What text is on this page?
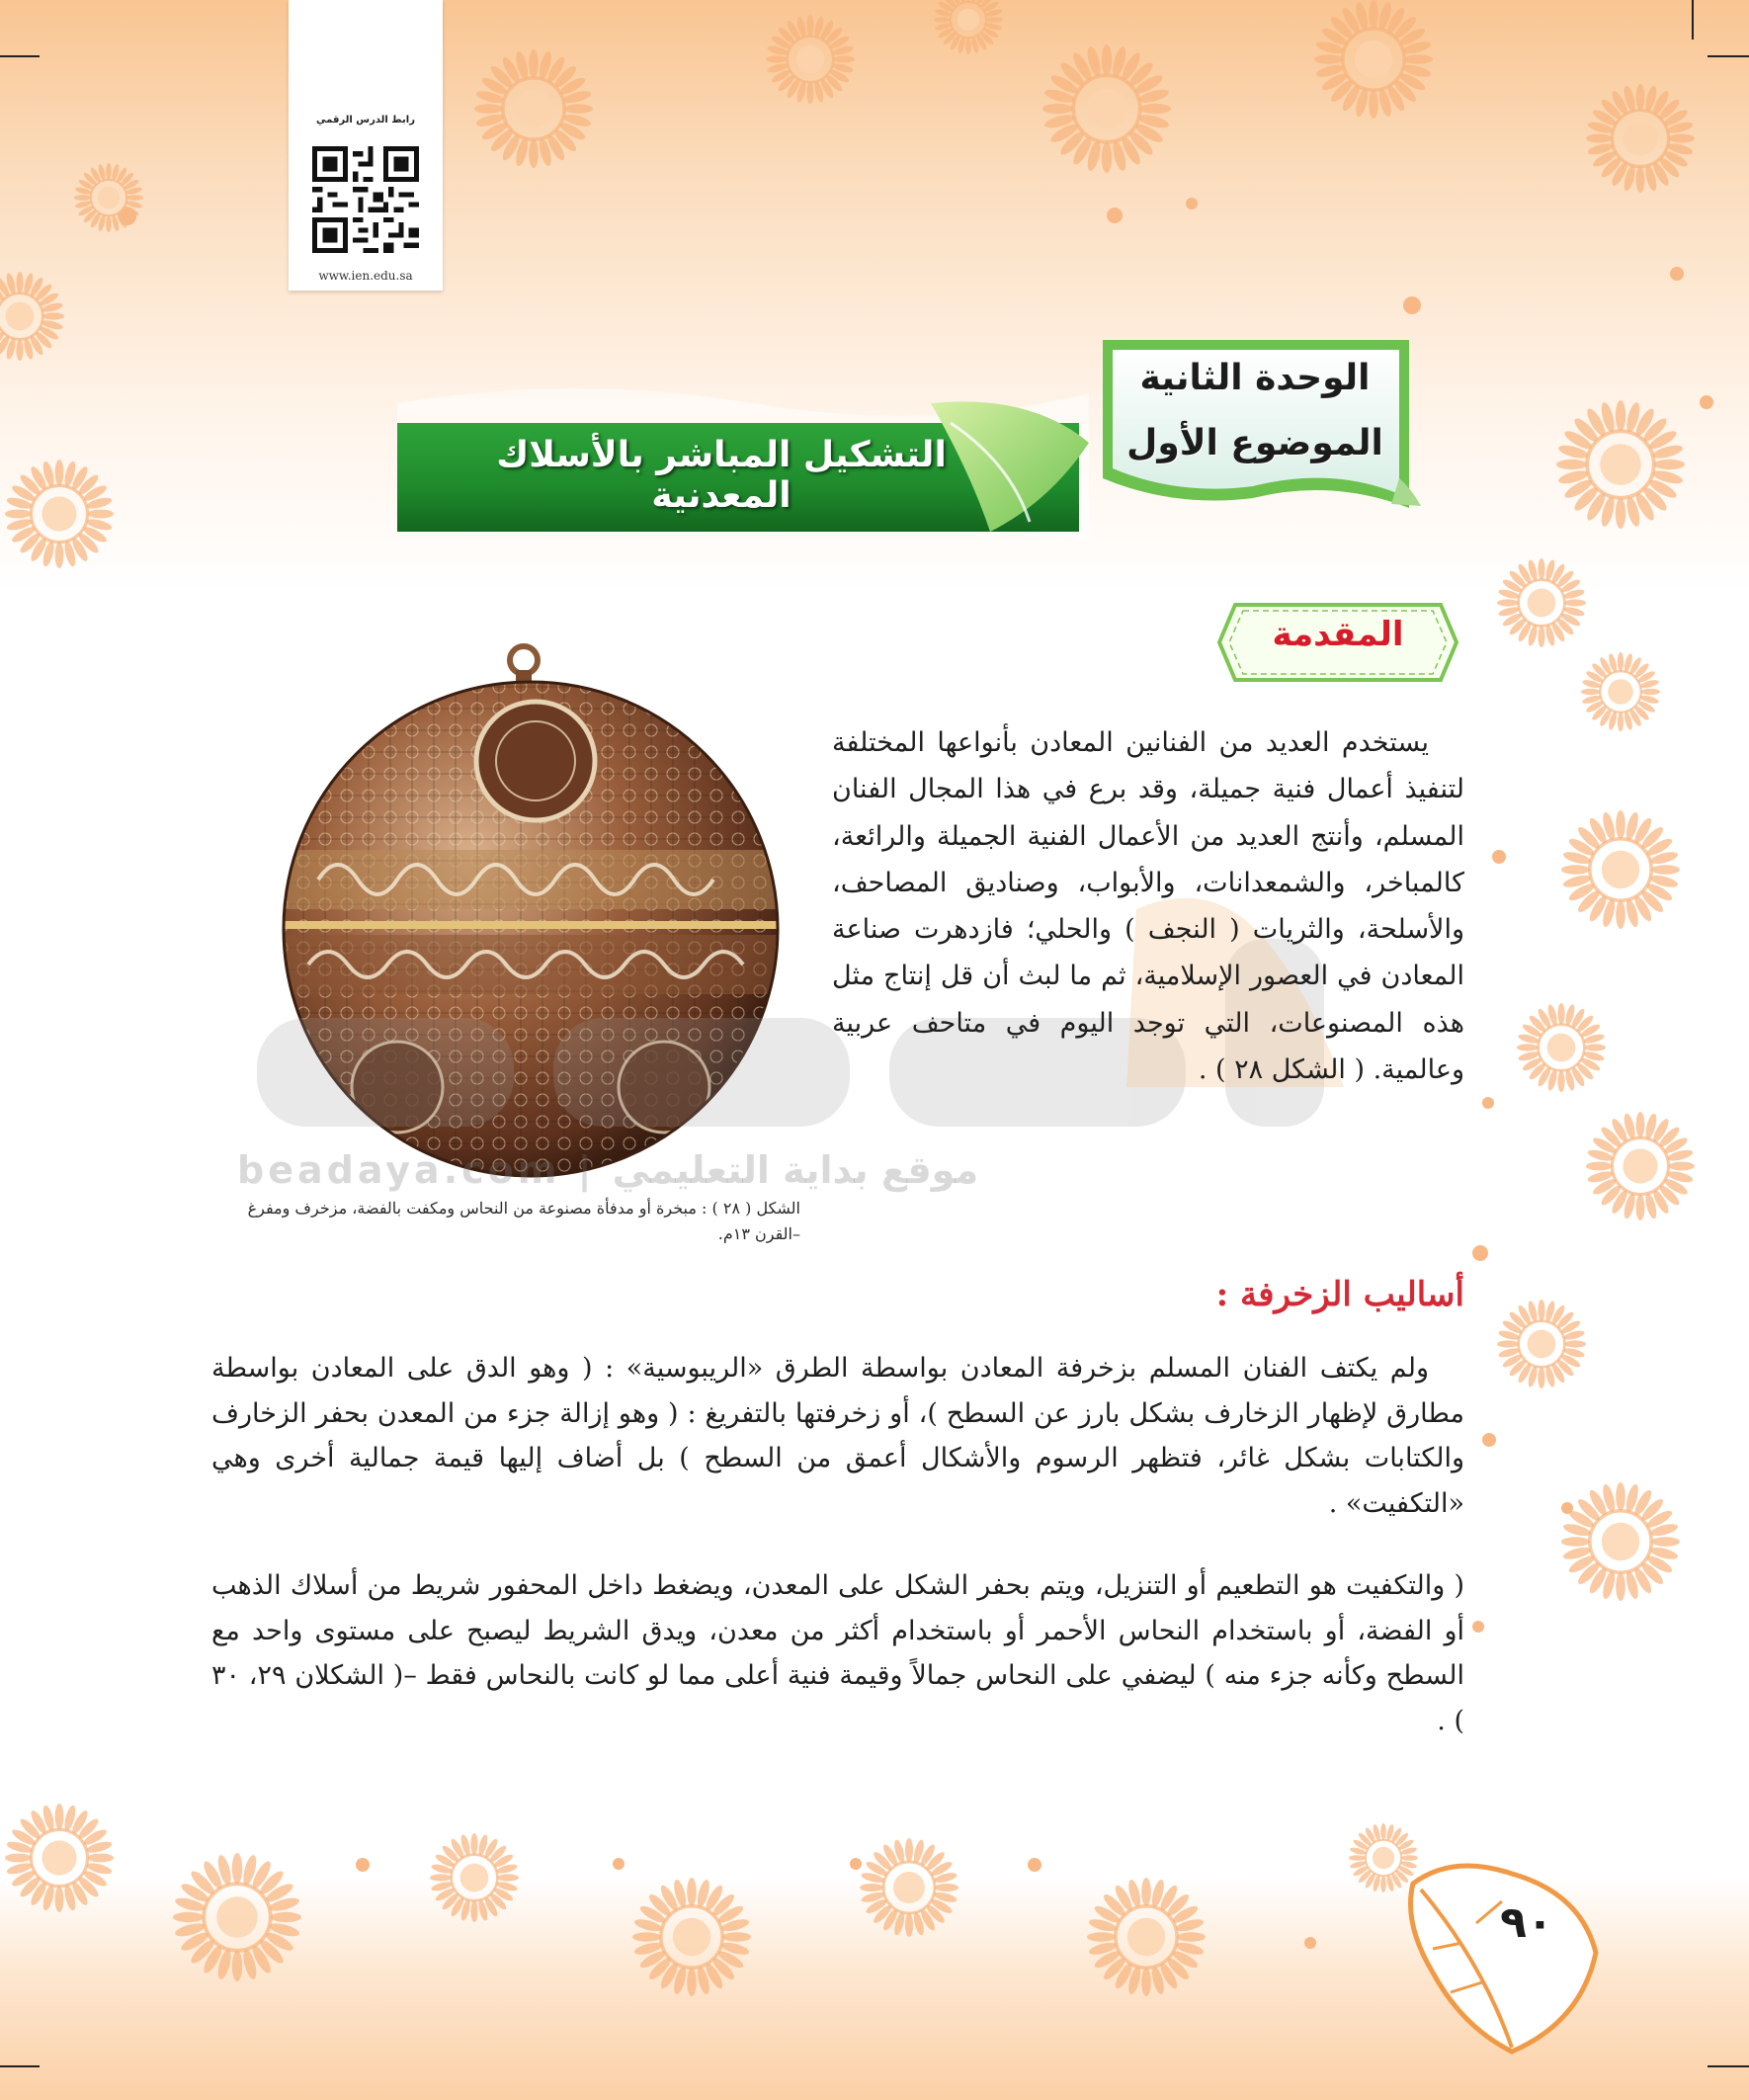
رابط الدرس الرقمي
www.ien.edu.sa
التشكيل المباشر بالأسلاك المعدنية
الوحدة الثانية
الموضوع الأول
المقدمة
beadaya.com | موقع بداية التعليمي
الشكل ( ٢٨ ) : مبخرة أو مدفأة مصنوعة من النحاس ومكفت بالفضة، مزخرف ومفرغ –القرن ١٣م.
يستخدم العديد من الفنانين المعادن بأنواعها المختلفة لتنفيذ أعمال فنية جميلة، وقد برع في هذا المجال الفنان المسلم، وأنتج العديد من الأعمال الفنية الجميلة والرائعة، كالمباخر، والشمعدانات، والأبواب، وصناديق المصاحف، والأسلحة، والثريات ( النجف ) والحلي؛ فازدهرت صناعة المعادن في العصور الإسلامية، ثم ما لبث أن قل إنتاج مثل هذه المصنوعات، التي توجد اليوم في متاحف عربية وعالمية. ( الشكل ٢٨ ) .
أساليب الزخرفة :
ولم يكتف الفنان المسلم بزخرفة المعادن بواسطة الطرق «الريبوسية» : ( وهو الدق على المعادن بواسطة مطارق لإظهار الزخارف بشكل بارز عن السطح )، أو زخرفتها بالتفريغ : ( وهو إزالة جزء من المعدن بحفر الزخارف والكتابات بشكل غائر، فتظهر الرسوم والأشكال أعمق من السطح ) بل أضاف إليها قيمة جمالية أخرى وهي «التكفيت» .
( والتكفيت هو التطعيم أو التنزيل، ويتم بحفر الشكل على المعدن، ويضغط داخل المحفور شريط من أسلاك الذهب أو الفضة، أو باستخدام النحاس الأحمر أو باستخدام أكثر من معدن، ويدق الشريط ليصبح على مستوى واحد مع السطح وكأنه جزء منه ) ليضفي على النحاس جمالاً وقيمة فنية أعلى مما لو كانت بالنحاس فقط –( الشكلان ٢٩، ٣٠ ) .
٩٠
